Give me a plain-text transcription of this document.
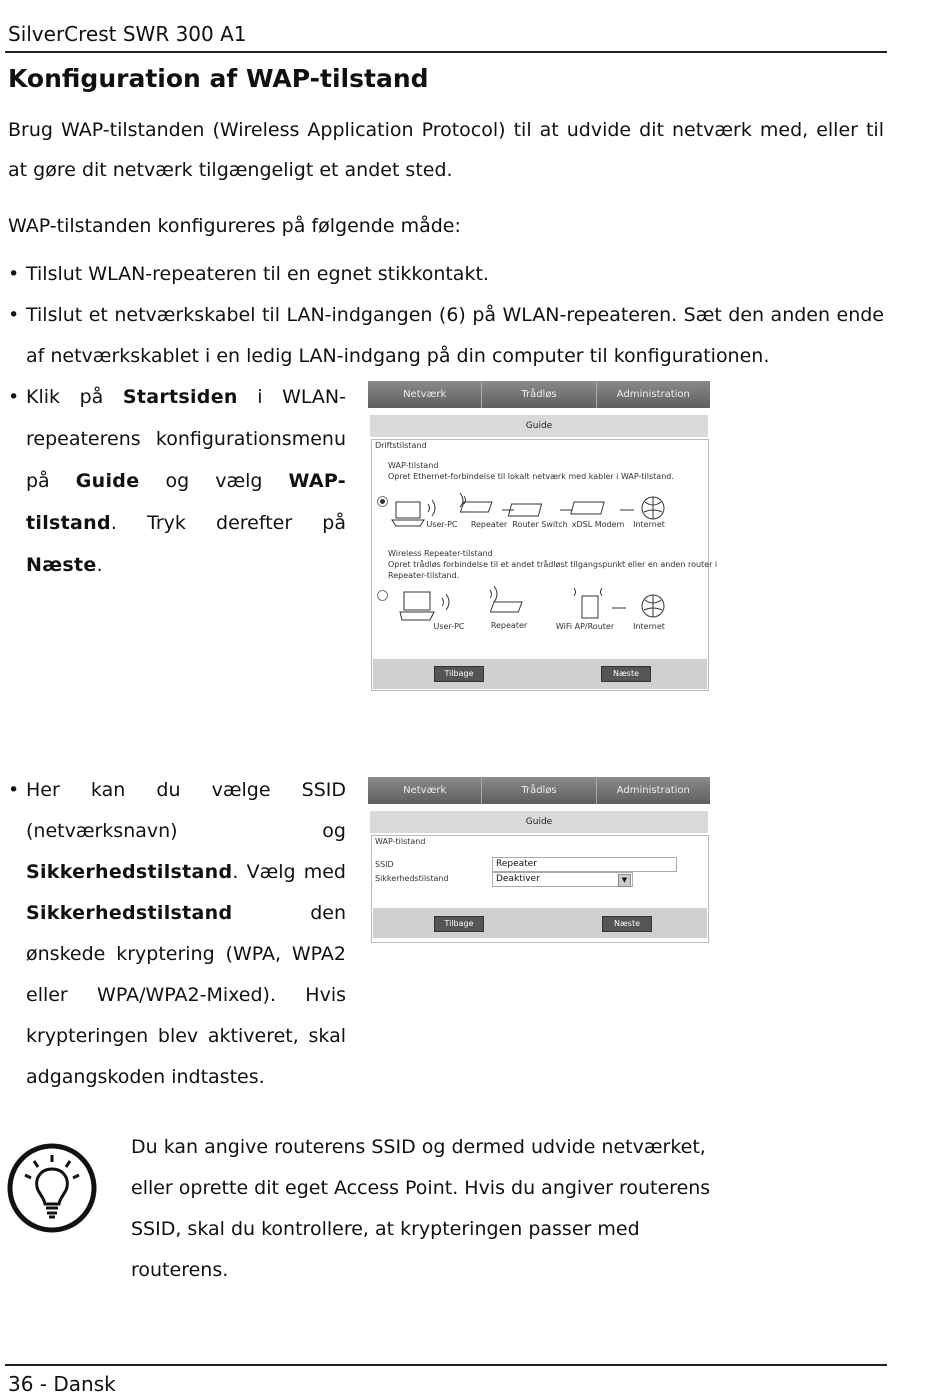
SilverCrest SWR 300 A1
Konfiguration af WAP-tilstand

Brug WAP-tilstanden (Wireless Application Protocol) til at udvide dit netværk med, eller til at gøre dit netværk tilgængeligt et andet sted.

WAP-tilstanden konfigureres på følgende måde:

• Tilslut WLAN-repeateren til en egnet stikkontakt.
• Tilslut et netværkskabel til LAN-indgangen (6) på WLAN-repeateren. Sæt den anden ende af netværkskablet i en ledig LAN-indgang på din computer til konfigurationen.
• Klik på Startsiden i WLAN-repeaterens konfigurationsmenu på Guide og vælg WAP-tilstand. Tryk derefter på Næste.
Netværk	Trådløs	Administration
Guide
Driftstilstand
WAP-tilstand
Opret Ethernet-forbindelse til lokalt netværk med kabler i WAP-tilstand.
User-PC	Repeater Router Switch xDSL Modem	Internet
Wireless Repeater-tilstand
Opret trådløs forbindelse til et andet trådløst tilgangspunkt eller en anden router i
Repeater-tilstand.
User-PC	Repeater	WiFi AP/Router	Internet
Tilbage	Næste
• Her kan du vælge SSID (netværksnavn) og Sikkerhedstilstand. Vælg med Sikkerhedstilstand den ønskede kryptering (WPA, WPA2 eller WPA/WPA2-Mixed). Hvis krypteringen blev aktiveret, skal adgangskoden indtastes.
Netværk	Trådløs	Administration
Guide
WAP-tilstand
SSID	Repeater
Sikkerhedstilstand	Deaktiver	▼
Tilbage	Næste
Du kan angive routerens SSID og dermed udvide netværket, eller oprette dit eget Access Point. Hvis du angiver routerens SSID, skal du kontrollere, at krypteringen passer med routerens.
36 - Dansk
